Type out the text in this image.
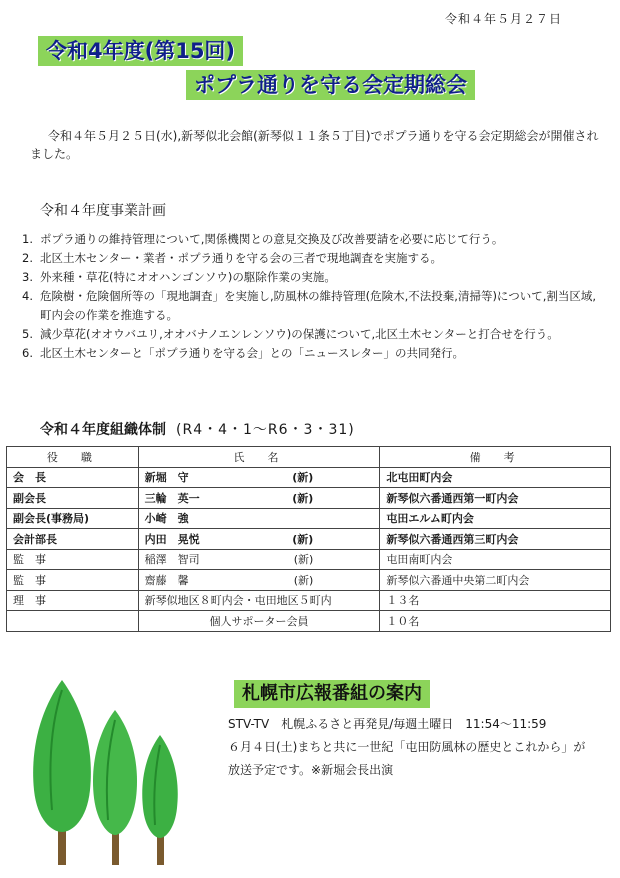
令和４年５月２７日
令和4年度(第15回)
ポプラ通りを守る会定期総会
令和４年５月２５日(水),新琴似北会館(新琴似１１条５丁目)でポプラ通りを守る会定期総会が開催されました。
令和４年度事業計画
1. ポプラ通りの維持管理について,関係機関との意見交換及び改善要請を必要に応じて行う。
2. 北区土木センター・業者・ポプラ通りを守る会の三者で現地調査を実施する。
3. 外来種・草花(特にオオハンゴンソウ)の駆除作業の実施。
4. 危険樹・危険個所等の「現地調査」を実施し,防風林の維持管理(危険木,不法投棄,清掃等)について,割当区域,町内会の作業を推進する。
5. 減少草花(オオウバユリ,オオバナノエンレンソウ)の保護について,北区土木センターと打合せを行う。
6. 北区土木センターと「ポプラ通りを守る会」との「ニュースレター」の共同発行。
令和４年度組織体制 (R4・4・1～R6・3・31)
役　職	氏　名	備　考
会　長	新堀　守 (新)	北屯田町内会
副会長	三輪　英一 (新)	新琴似六番通西第一町内会
副会長(事務局)	小崎　強	屯田エルム町内会
会計部長	内田　晃悦 (新)	新琴似六番通西第三町内会
監　事	稲澤　智司 (新)	屯田南町内会
監　事	齋藤　馨 (新)	新琴似六番通中央第二町内会
理　事	新琴似地区８町内会・屯田地区５町内	１３名
	個人サポーター会員	１０名
札幌市広報番組の案内
STV-TV　札幌ふるさと再発見/毎週土曜日　11:54～11:59
６月４日(土)まちと共に一世紀「屯田防風林の歴史とこれから」が
放送予定です。※新堀会長出演
